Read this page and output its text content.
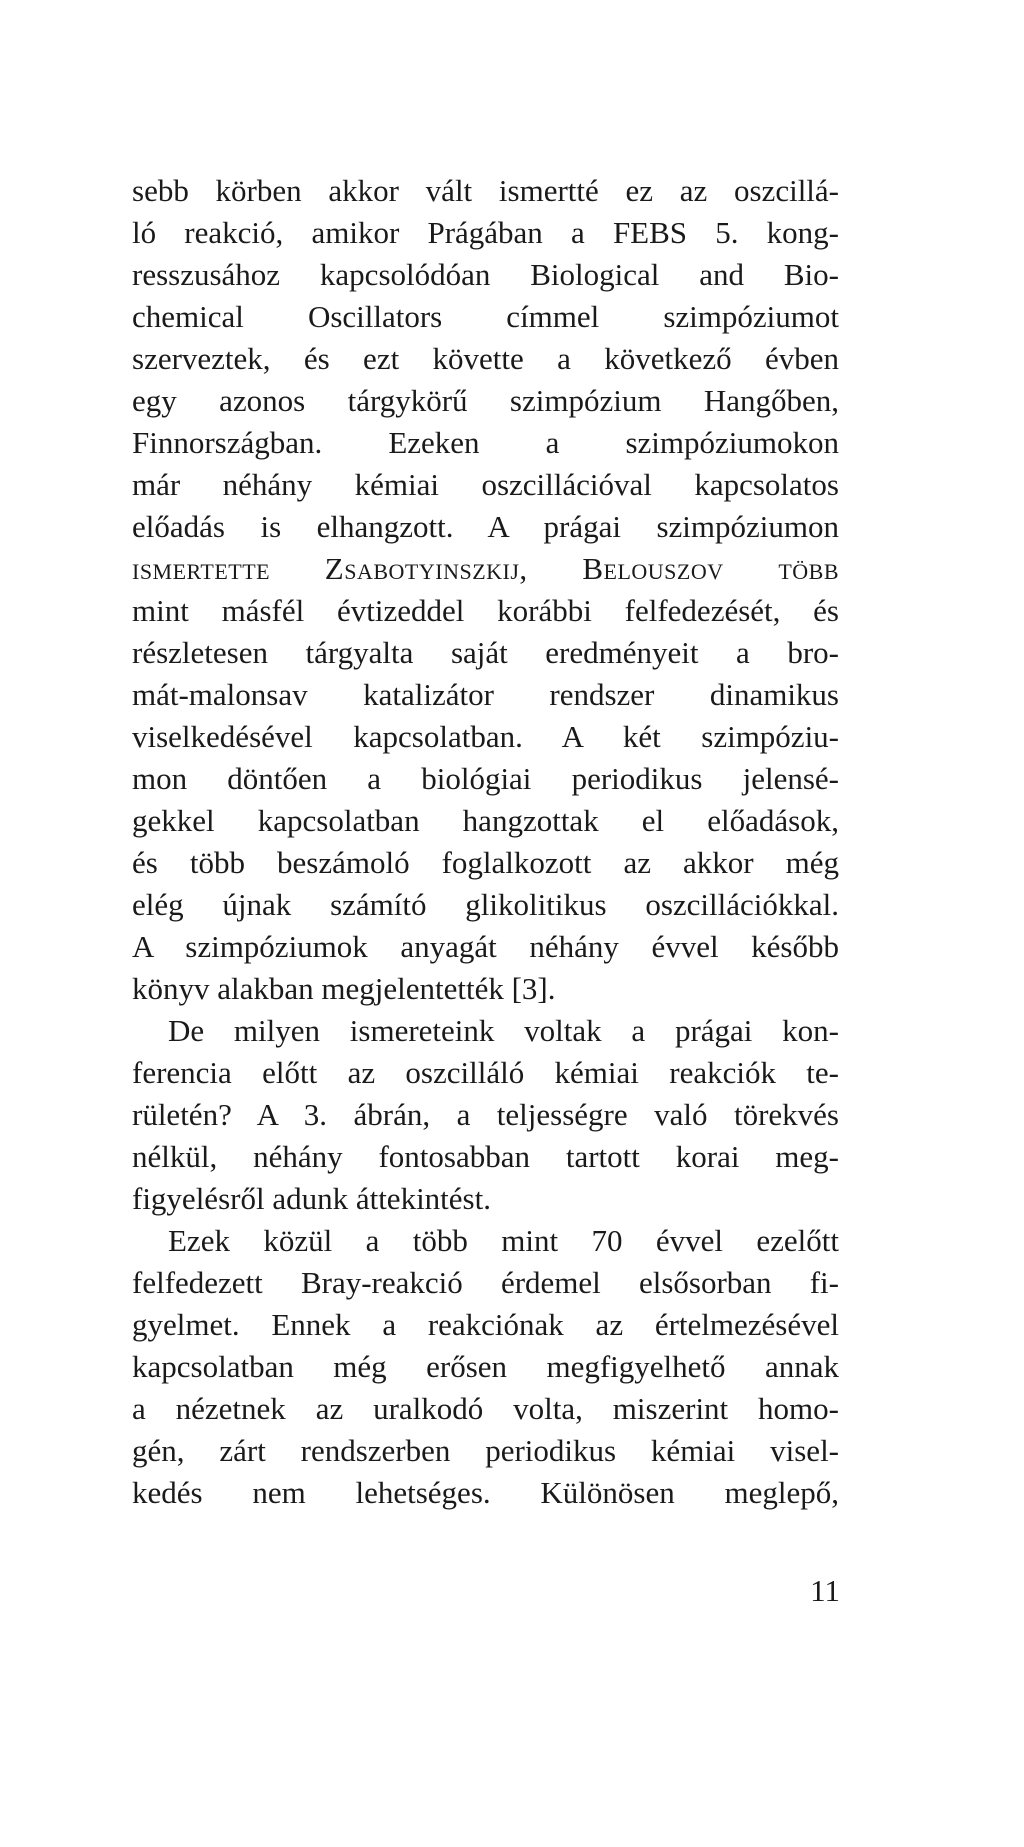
sebb körben akkor vált ismertté ez az oszcillá-
ló reakció, amikor Prágában a FEBS 5. kong-
resszusához kapcsolódóan Biological and Bio-
chemical Oscillators címmel szimpóziumot
szerveztek, és ezt követte a következő évben
egy azonos tárgykörű szimpózium Hangőben,
Finnországban. Ezeken a szimpóziumokon
már néhány kémiai oszcillációval kapcsolatos
előadás is elhangzott. A prágai szimpóziumon
ismertette Zsabotyinszkij, Belouszov több
mint másfél évtizeddel korábbi felfedezését, és
részletesen tárgyalta saját eredményeit a bro-
mát-malonsav katalizátor rendszer dinamikus
viselkedésével kapcsolatban. A két szimpóziu-
mon döntően a biológiai periodikus jelensé-
gekkel kapcsolatban hangzottak el előadások,
és több beszámoló foglalkozott az akkor még
elég újnak számító glikolitikus oszcillációkkal.
A szimpóziumok anyagát néhány évvel később
könyv alakban megjelentették [3].
De milyen ismereteink voltak a prágai kon-
ferencia előtt az oszcilláló kémiai reakciók te-
rületén? A 3. ábrán, a teljességre való törekvés
nélkül, néhány fontosabban tartott korai meg-
figyelésről adunk áttekintést.
Ezek közül a több mint 70 évvel ezelőtt
felfedezett Bray-reakció érdemel elsősorban fi-
gyelmet. Ennek a reakciónak az értelmezésével
kapcsolatban még erősen megfigyelhető annak
a nézetnek az uralkodó volta, miszerint homo-
gén, zárt rendszerben periodikus kémiai visel-
kedés nem lehetséges. Különösen meglepő,
11
